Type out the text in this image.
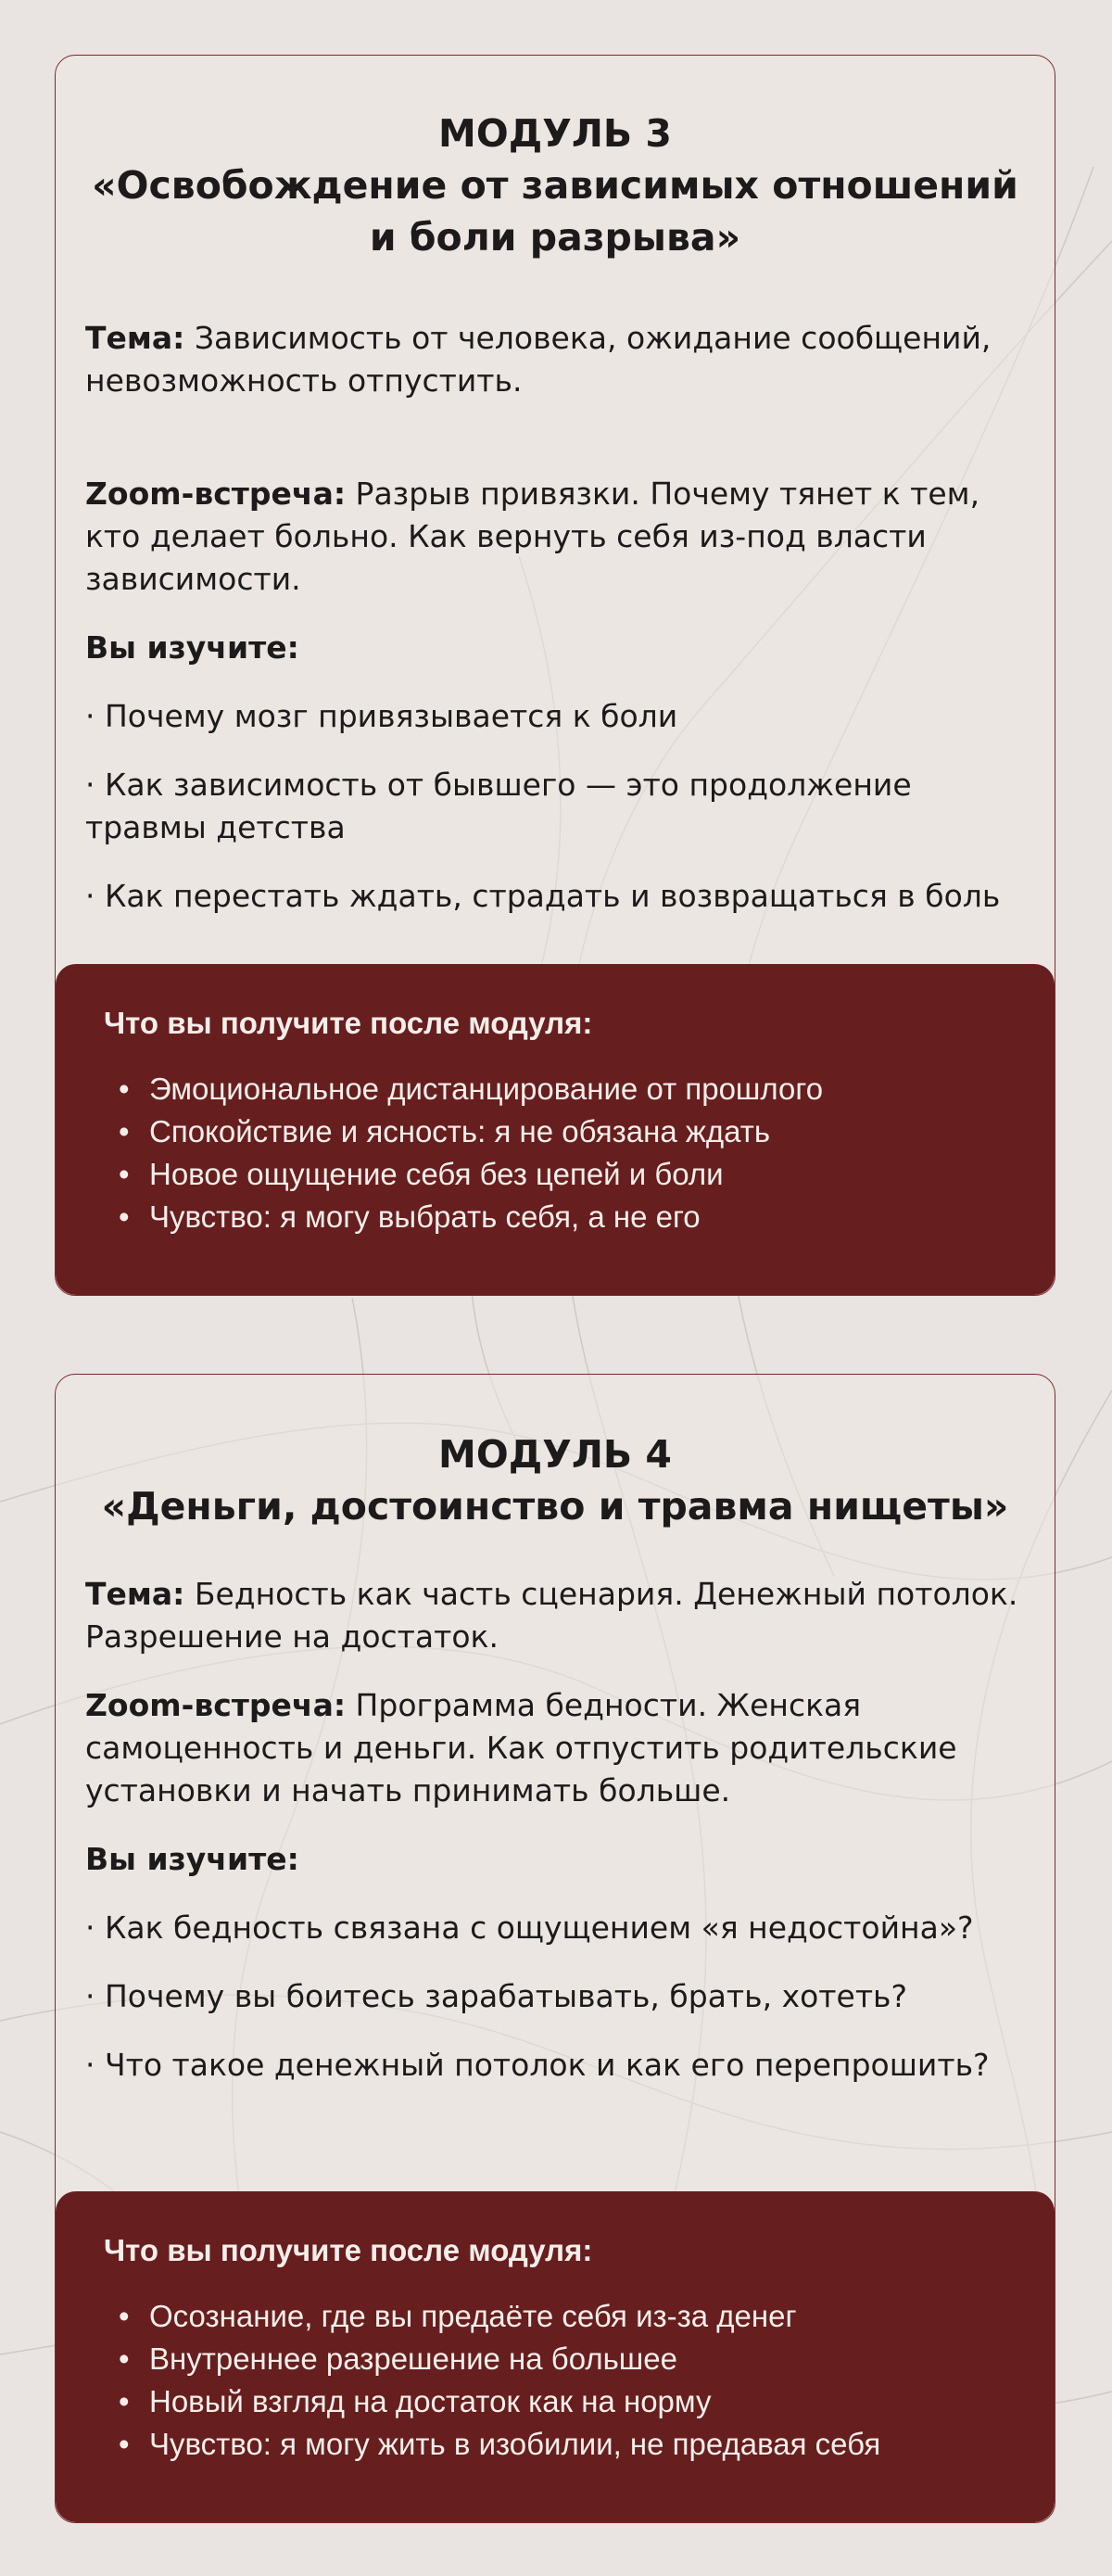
МОДУЛЬ 3

«Освобождение от зависимых отношений и боли разрыва»

Тема: Зависимость от человека, ожидание сообщений, невозможность отпустить.

Zoom-встреча: Разрыв привязки. Почему тянет к тем, кто делает больно. Как вернуть себя из-под власти зависимости.

Вы изучите:

· Почему мозг привязывается к боли

· Как зависимость от бывшего — это продолжение травмы детства

· Как перестать ждать, страдать и возвращаться в боль

Что вы получите после модуля:

• Эмоциональное дистанцирование от прошлого
• Спокойствие и ясность: я не обязана ждать
• Новое ощущение себя без цепей и боли
• Чувство: я могу выбрать себя, а не его

МОДУЛЬ 4

«Деньги, достоинство и травма нищеты»

Тема: Бедность как часть сценария. Денежный потолок. Разрешение на достаток.

Zoom-встреча: Программа бедности. Женская самоценность и деньги. Как отпустить родительские установки и начать принимать больше.

Вы изучите:

· Как бедность связана с ощущением «я недостойна»?

· Почему вы боитесь зарабатывать, брать, хотеть?

· Что такое денежный потолок и как его перепрошить?

Что вы получите после модуля:

• Осознание, где вы предаёте себя из-за денег
• Внутреннее разрешение на большее
• Новый взгляд на достаток как на норму
• Чувство: я могу жить в изобилии, не предавая себя
